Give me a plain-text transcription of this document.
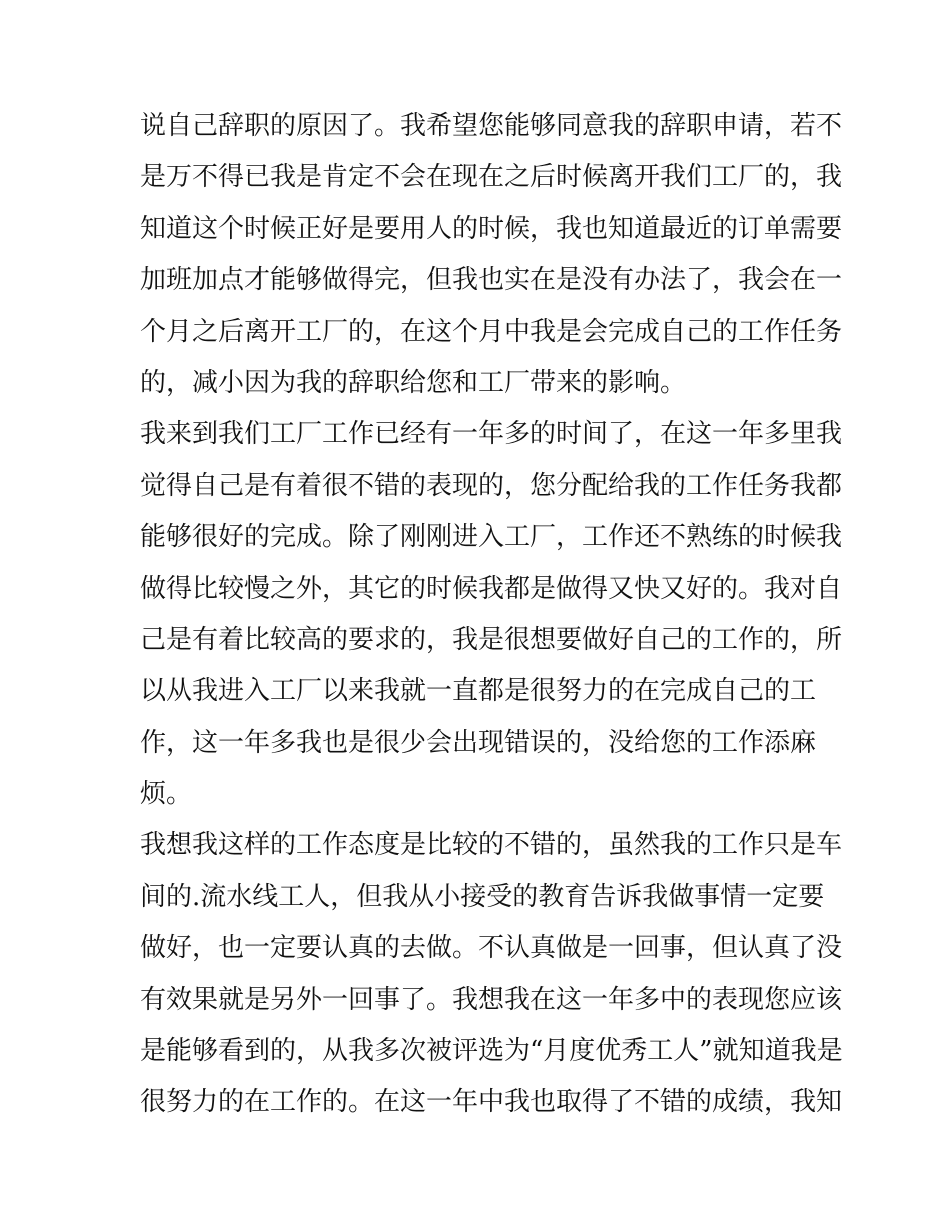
说自己辞职的原因了。我希望您能够同意我的辞职申请，若不
是万不得已我是肯定不会在现在之后时候离开我们工厂的，我
知道这个时候正好是要用人的时候，我也知道最近的订单需要
加班加点才能够做得完，但我也实在是没有办法了，我会在一
个月之后离开工厂的，在这个月中我是会完成自己的工作任务
的，减小因为我的辞职给您和工厂带来的影响。
我来到我们工厂工作已经有一年多的时间了，在这一年多里我
觉得自己是有着很不错的表现的，您分配给我的工作任务我都
能够很好的完成。除了刚刚进入工厂，工作还不熟练的时候我
做得比较慢之外，其它的时候我都是做得又快又好的。我对自
己是有着比较高的要求的，我是很想要做好自己的工作的，所
以从我进入工厂以来我就一直都是很努力的在完成自己的工
作，这一年多我也是很少会出现错误的，没给您的工作添麻
烦。
我想我这样的工作态度是比较的不错的，虽然我的工作只是车
间的.流水线工人，但我从小接受的教育告诉我做事情一定要
做好，也一定要认真的去做。不认真做是一回事，但认真了没
有效果就是另外一回事了。我想我在这一年多中的表现您应该
是能够看到的，从我多次被评选为“月度优秀工人”就知道我是
很努力的在工作的。在这一年中我也取得了不错的成绩，我知
